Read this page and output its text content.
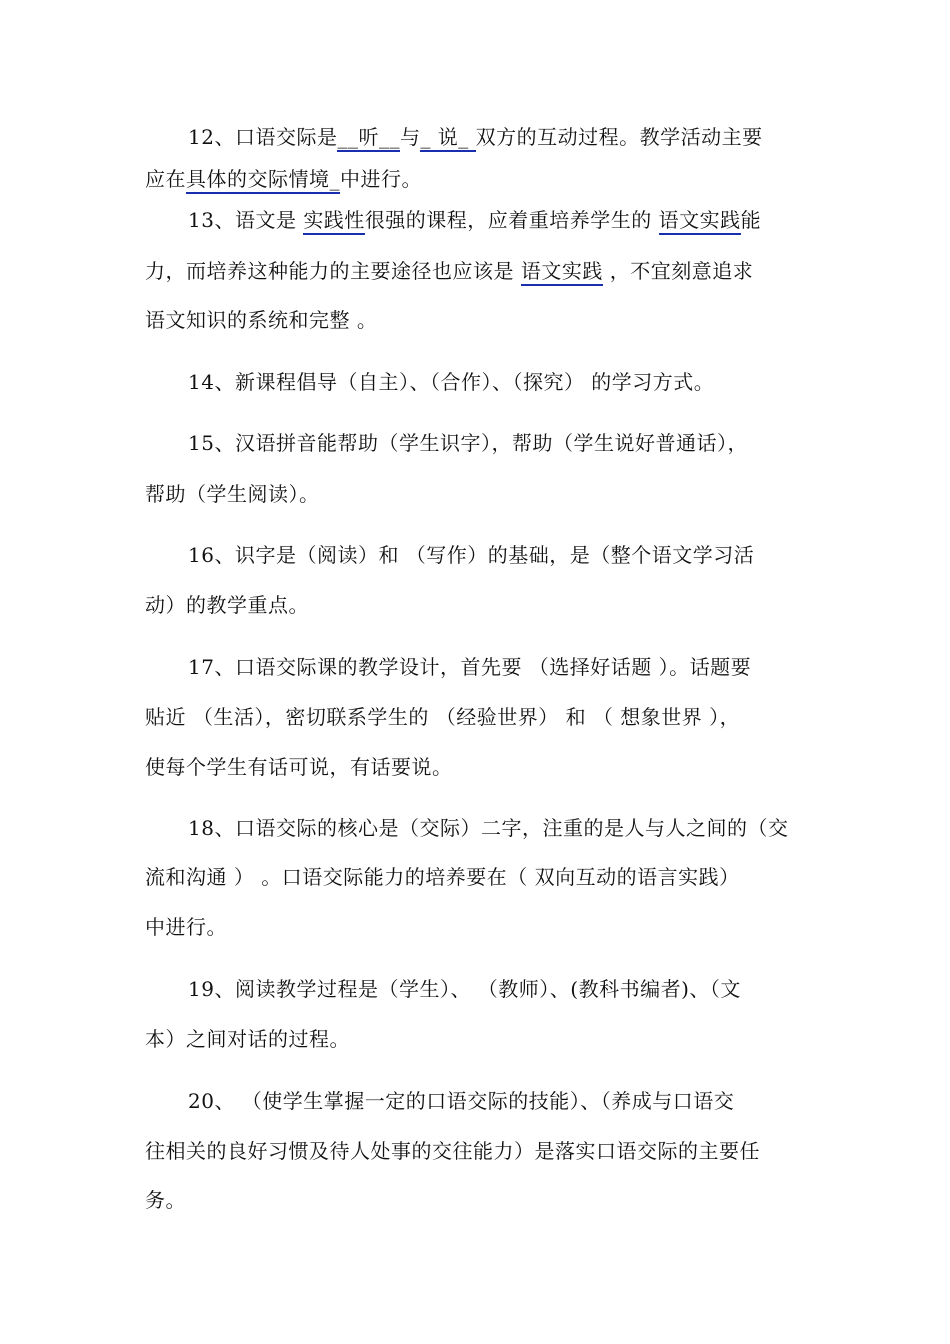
12、口语交际是__听__与_ 说_ 双方的互动过程。教学活动主要
应在具体的交际情境_中进行。
13、语文是 实践性很强的课程，应着重培养学生的 语文实践能
力，而培养这种能力的主要途径也应该是 语文实践 ，不宜刻意追求
语文知识的系统和完整 。
14、新课程倡导（自主）、（合作）、（探究） 的学习方式。
15、汉语拼音能帮助（学生识字），帮助（学生说好普通话），
帮助（学生阅读）。
16、识字是（阅读）和 （写作）的基础，是（整个语文学习活
动）的教学重点。
17、口语交际课的教学设计，首先要 （选择好话题 ）。话题要
贴近 （生活），密切联系学生的 （经验世界） 和 （ 想象世界 ），
使每个学生有话可说，有话要说。
18、口语交际的核心是（交际）二字，注重的是人与人之间的（交
流和沟通 ） 。口语交际能力的培养要在（ 双向互动的语言实践）
中进行。
19、阅读教学过程是（学生）、 （教师）、(教科书编者)、（文
本）之间对话的过程。
20、 （使学生掌握一定的口语交际的技能）、（养成与口语交
往相关的良好习惯及待人处事的交往能力）是落实口语交际的主要任
务。
